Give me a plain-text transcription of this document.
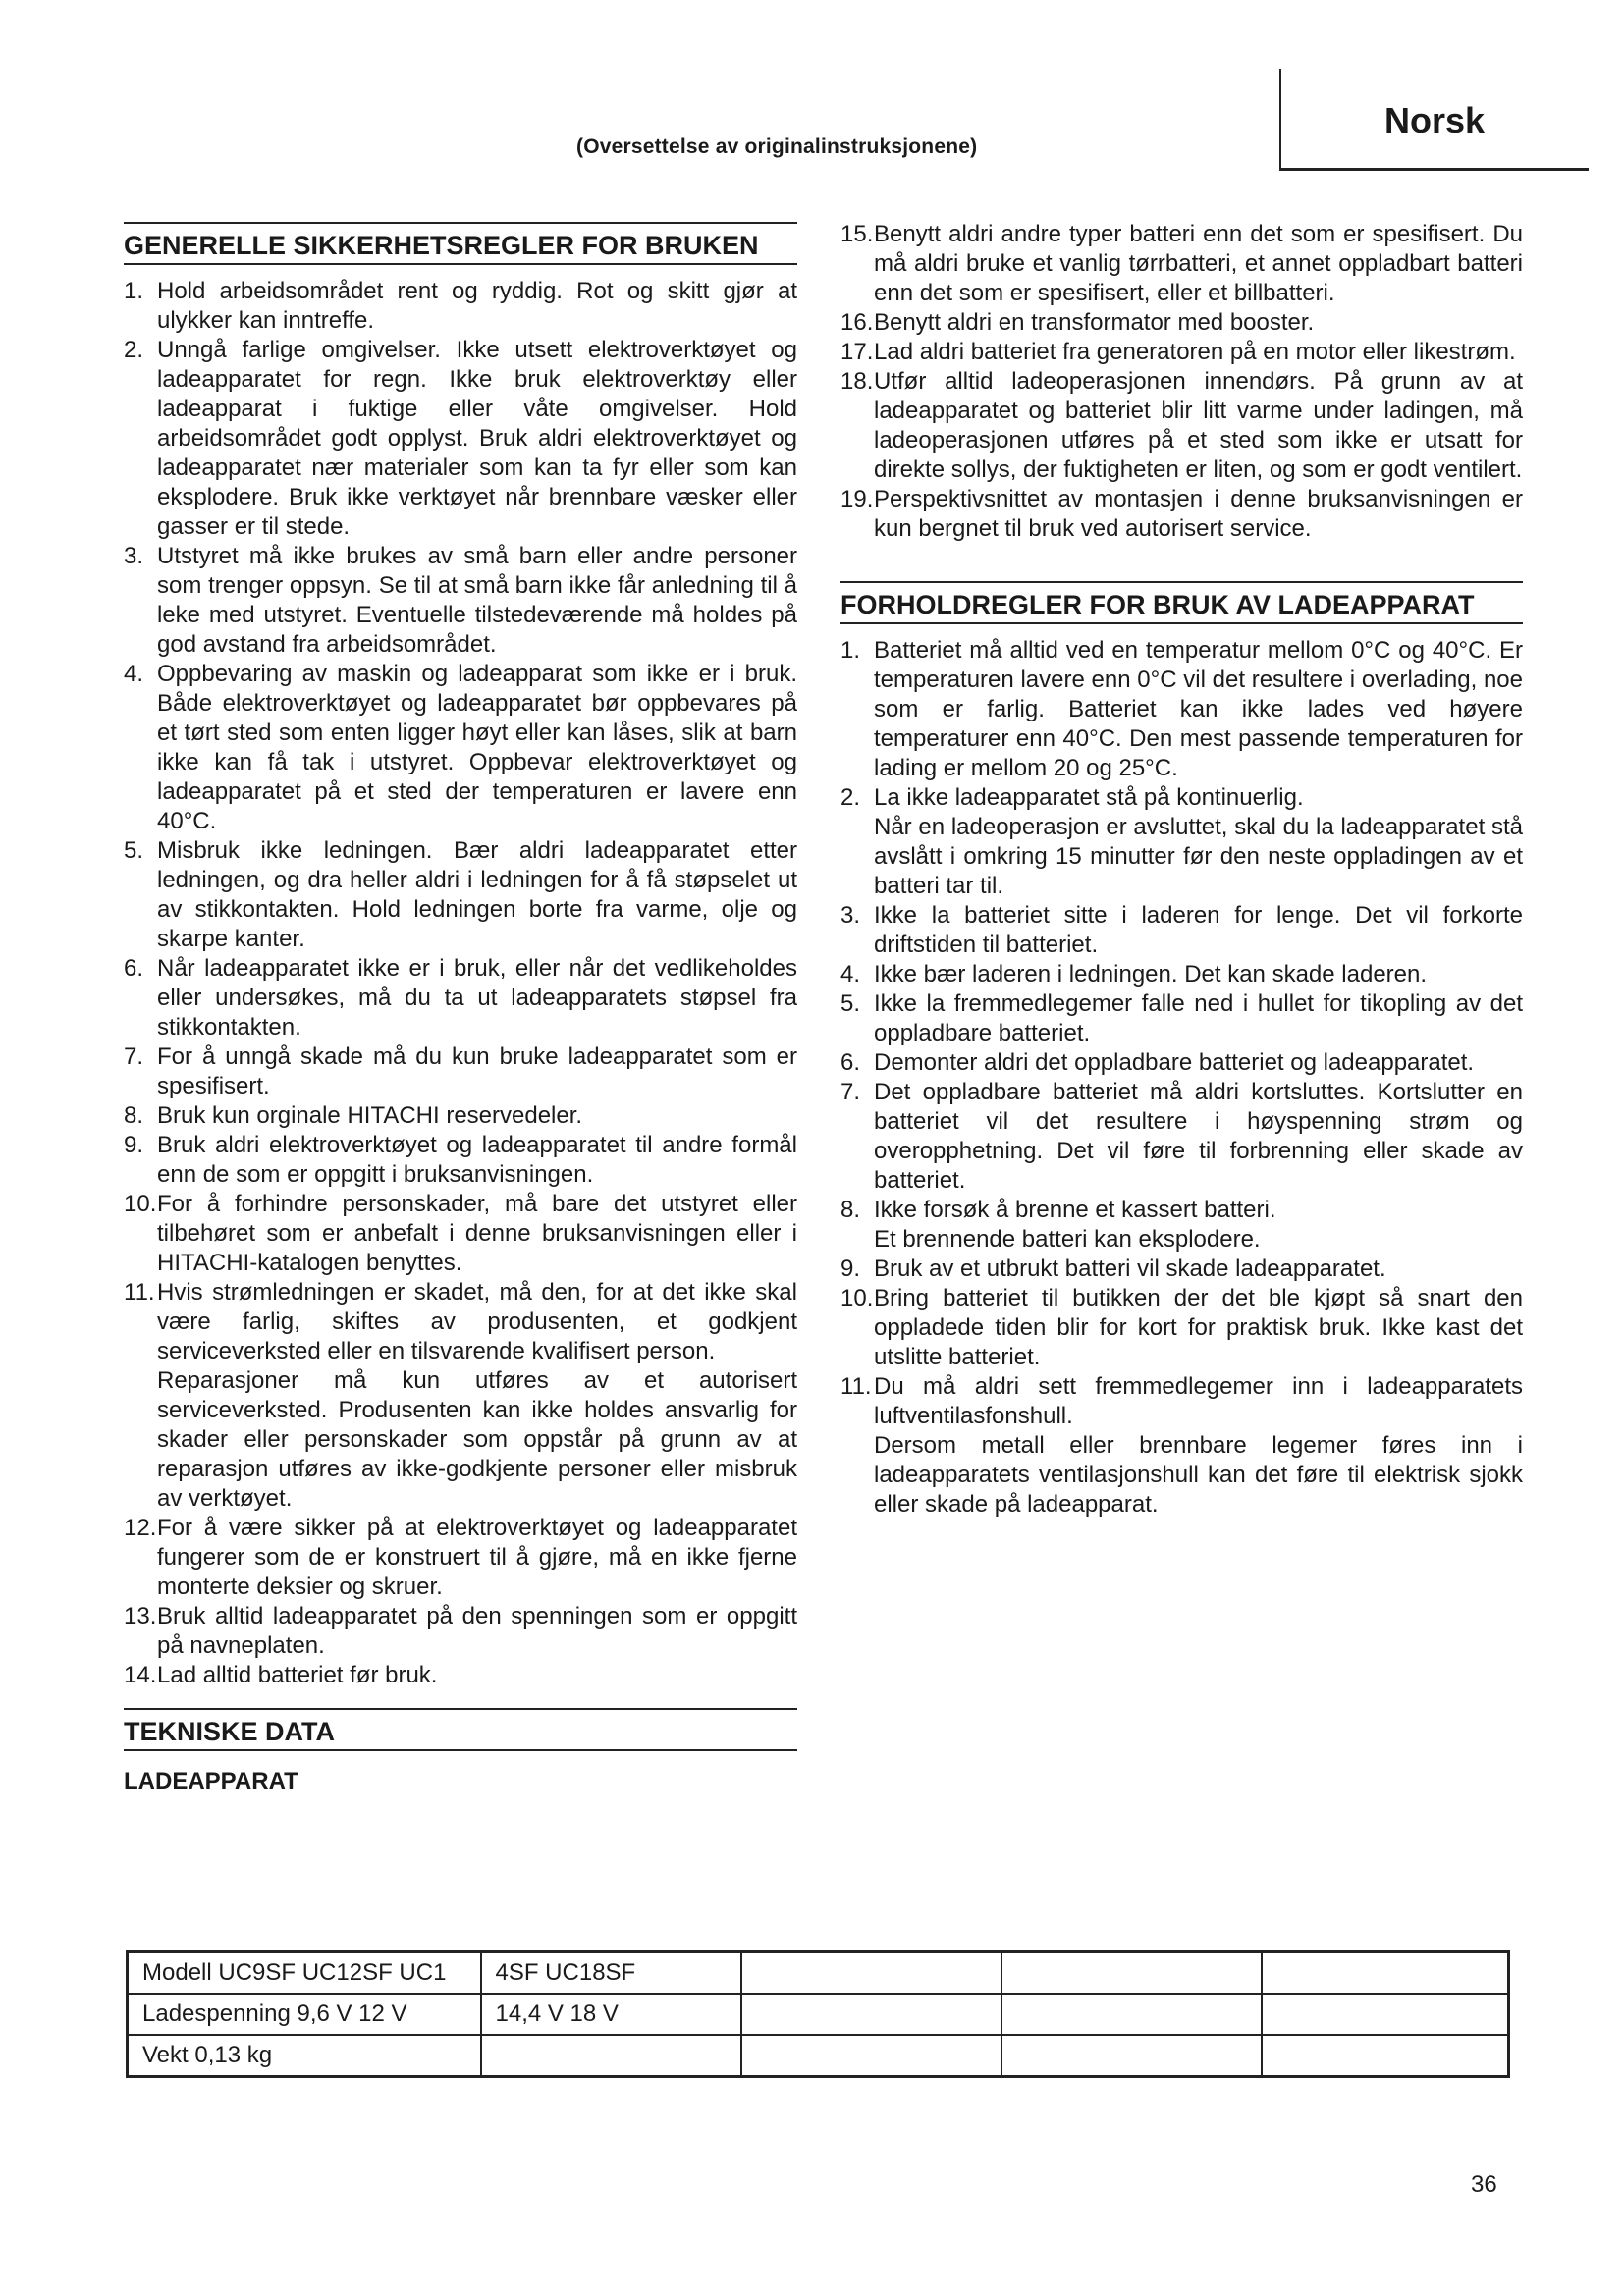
(Oversettelse av originalinstruksjonene)
Norsk
GENERELLE SIKKERHETSREGLER FOR BRUKEN
1. Hold arbeidsområdet rent og ryddig. Rot og skitt gjør at ulykker kan inntreffe.
2. Unngå farlige omgivelser. Ikke utsett elektroverktøyet og ladeapparatet for regn. Ikke bruk elektroverktøy eller ladeapparat i fuktige eller våte omgivelser. Hold arbeidsområdet godt opplyst. Bruk aldri elektroverktøyet og ladeapparatet nær materialer som kan ta fyr eller som kan eksplodere. Bruk ikke verktøyet når brennbare væsker eller gasser er til stede.
3. Utstyret må ikke brukes av små barn eller andre personer som trenger oppsyn. Se til at små barn ikke får anledning til å leke med utstyret. Eventuelle tilstedeværende må holdes på god avstand fra arbeidsområdet.
4. Oppbevaring av maskin og ladeapparat som ikke er i bruk. Både elektroverktøyet og ladeapparatet bør oppbevares på et tørt sted som enten ligger høyt eller kan låses, slik at barn ikke kan få tak i utstyret. Oppbevar elektroverktøyet og ladeapparatet på et sted der temperaturen er lavere enn 40°C.
5. Misbruk ikke ledningen. Bær aldri ladeapparatet etter ledningen, og dra heller aldri i ledningen for å få støpselet ut av stikkontakten. Hold ledningen borte fra varme, olje og skarpe kanter.
6. Når ladeapparatet ikke er i bruk, eller når det vedlikeholdes eller undersøkes, må du ta ut ladeapparatets støpsel fra stikkontakten.
7. For å unngå skade må du kun bruke ladeapparatet som er spesifisert.
8. Bruk kun orginale HITACHI reservedeler.
9. Bruk aldri elektroverktøyet og ladeapparatet til andre formål enn de som er oppgitt i bruksanvisningen.
10. For å forhindre personskader, må bare det utstyret eller tilbehøret som er anbefalt i denne bruksanvisningen eller i HITACHI-katalogen benyttes.
11. Hvis strømledningen er skadet, må den, for at det ikke skal være farlig, skiftes av produsenten, et godkjent serviceverksted eller en tilsvarende kvalifisert person.
Reparasjoner må kun utføres av et autorisert serviceverksted. Produsenten kan ikke holdes ansvarlig for skader eller personskader som oppstår på grunn av at reparasjon utføres av ikke-godkjente personer eller misbruk av verktøyet.
12. For å være sikker på at elektroverktøyet og ladeapparatet fungerer som de er konstruert til å gjøre, må en ikke fjerne monterte deksier og skruer.
13. Bruk alltid ladeapparatet på den spenningen som er oppgitt på navneplaten.
14. Lad alltid batteriet før bruk.
TEKNISKE DATA
LADEAPPARAT
15. Benytt aldri andre typer batteri enn det som er spesifisert. Du må aldri bruke et vanlig tørrbatteri, et annet oppladbart batteri enn det som er spesifisert, eller et billbatteri.
16. Benytt aldri en transformator med booster.
17. Lad aldri batteriet fra generatoren på en motor eller likestrøm.
18. Utfør alltid ladeoperasjonen innendørs. På grunn av at ladeapparatet og batteriet blir litt varme under ladingen, må ladeoperasjonen utføres på et sted som ikke er utsatt for direkte sollys, der fuktigheten er liten, og som er godt ventilert.
19. Perspektivsnittet av montasjen i denne bruksanvisningen er kun bergnet til bruk ved autorisert service.
FORHOLDREGLER FOR BRUK AV LADEAPPARAT
1. Batteriet må alltid ved en temperatur mellom 0°C og 40°C. Er temperaturen lavere enn 0°C vil det resultere i overlading, noe som er farlig. Batteriet kan ikke lades ved høyere temperaturer enn 40°C. Den mest passende temperaturen for lading er mellom 20 og 25°C.
2. La ikke ladeapparatet stå på kontinuerlig.
Når en ladeoperasjon er avsluttet, skal du la ladeapparatet stå avslått i omkring 15 minutter før den neste oppladingen av et batteri tar til.
3. Ikke la batteriet sitte i laderen for lenge. Det vil forkorte driftstiden til batteriet.
4. Ikke bær laderen i ledningen. Det kan skade laderen.
5. Ikke la fremmedlegemer falle ned i hullet for tikopling av det oppladbare batteriet.
6. Demonter aldri det oppladbare batteriet og ladeapparatet.
7. Det oppladbare batteriet må aldri kortsluttes. Kortslutter en batteriet vil det resultere i høyspenning strøm og overopphetning. Det vil føre til forbrenning eller skade av batteriet.
8. Ikke forsøk å brenne et kassert batteri.
Et brennende batteri kan eksplodere.
9. Bruk av et utbrukt batteri vil skade ladeapparatet.
10. Bring batteriet til butikken der det ble kjøpt så snart den oppladede tiden blir for kort for praktisk bruk. Ikke kast det utslitte batteriet.
11. Du må aldri sett fremmedlegemer inn i ladeapparatets luftventilasfonshull.
Dersom metall eller brennbare legemer føres inn i ladeapparatets ventilasjonshull kan det føre til elektrisk sjokk eller skade på ladeapparat.
Modell UC9SF UC12SF UC1	4SF UC18SF			
Ladespenning 9,6 V 12 V	14,4 V 18 V			
Vekt 0,13 kg				
36
